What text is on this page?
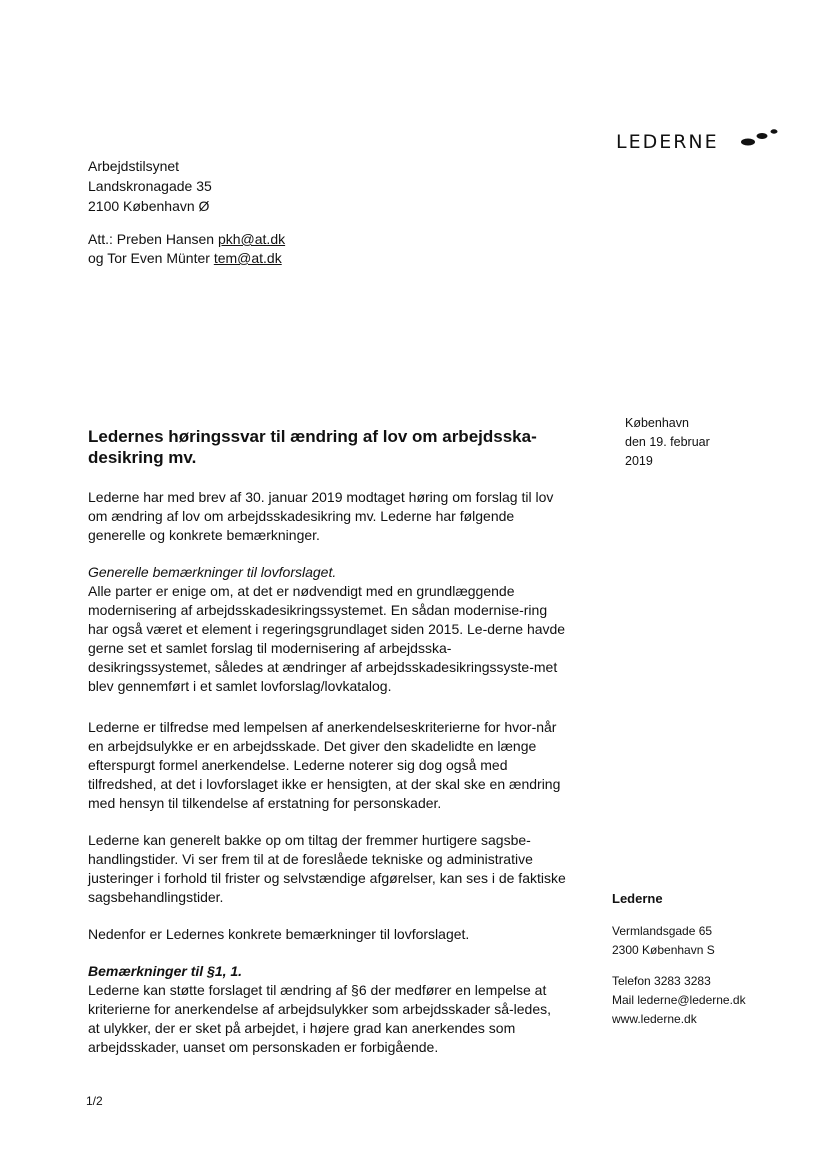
LEDERNE
Arbejdstilsynet
Landskronagade 35
2100 København Ø
Att.: Preben Hansen pkh@at.dk
og Tor Even Münter tem@at.dk
København
den 19. februar
2019
Ledernes høringssvar til ændring af lov om arbejdsska-desikring mv.

Lederne har med brev af 30. januar 2019 modtaget høring om forslag til lov om ændring af lov om arbejdsskadesikring mv. Lederne har følgende generelle og konkrete bemærkninger.

Generelle bemærkninger til lovforslaget.

Alle parter er enige om, at det er nødvendigt med en grundlæggende modernisering af arbejdsskadesikringssystemet. En sådan modernise-ring har også været et element i regeringsgrundlaget siden 2015. Le-derne havde gerne set et samlet forslag til modernisering af arbejdsska-desikringssystemet, således at ændringer af arbejdsskadesikringssyste-met blev gennemført i et samlet lovforslag/lovkatalog.

Lederne er tilfredse med lempelsen af anerkendelseskriterierne for hvor-når en arbejdsulykke er en arbejdsskade. Det giver den skadelidte en længe efterspurgt formel anerkendelse. Lederne noterer sig dog også med tilfredshed, at det i lovforslaget ikke er hensigten, at der skal ske en ændring med hensyn til tilkendelse af erstatning for personskader.

Lederne kan generelt bakke op om tiltag der fremmer hurtigere sagsbe-handlingstider. Vi ser frem til at de foreslåede tekniske og administrative justeringer i forhold til frister og selvstændige afgørelser, kan ses i de faktiske sagsbehandlingstider.

Nedenfor er Ledernes konkrete bemærkninger til lovforslaget.

Bemærkninger til §1, 1.

Lederne kan støtte forslaget til ændring af §6 der medfører en lempelse at kriterierne for anerkendelse af arbejdsulykker som arbejdsskader så-ledes, at ulykker, der er sket på arbejdet, i højere grad kan anerkendes som arbejdsskader, uanset om personskaden er forbigående.

Lederne
Vermlandsgade 65
2300 København S
Telefon 3283 3283
Mail lederne@lederne.dk
www.lederne.dk
1/2
